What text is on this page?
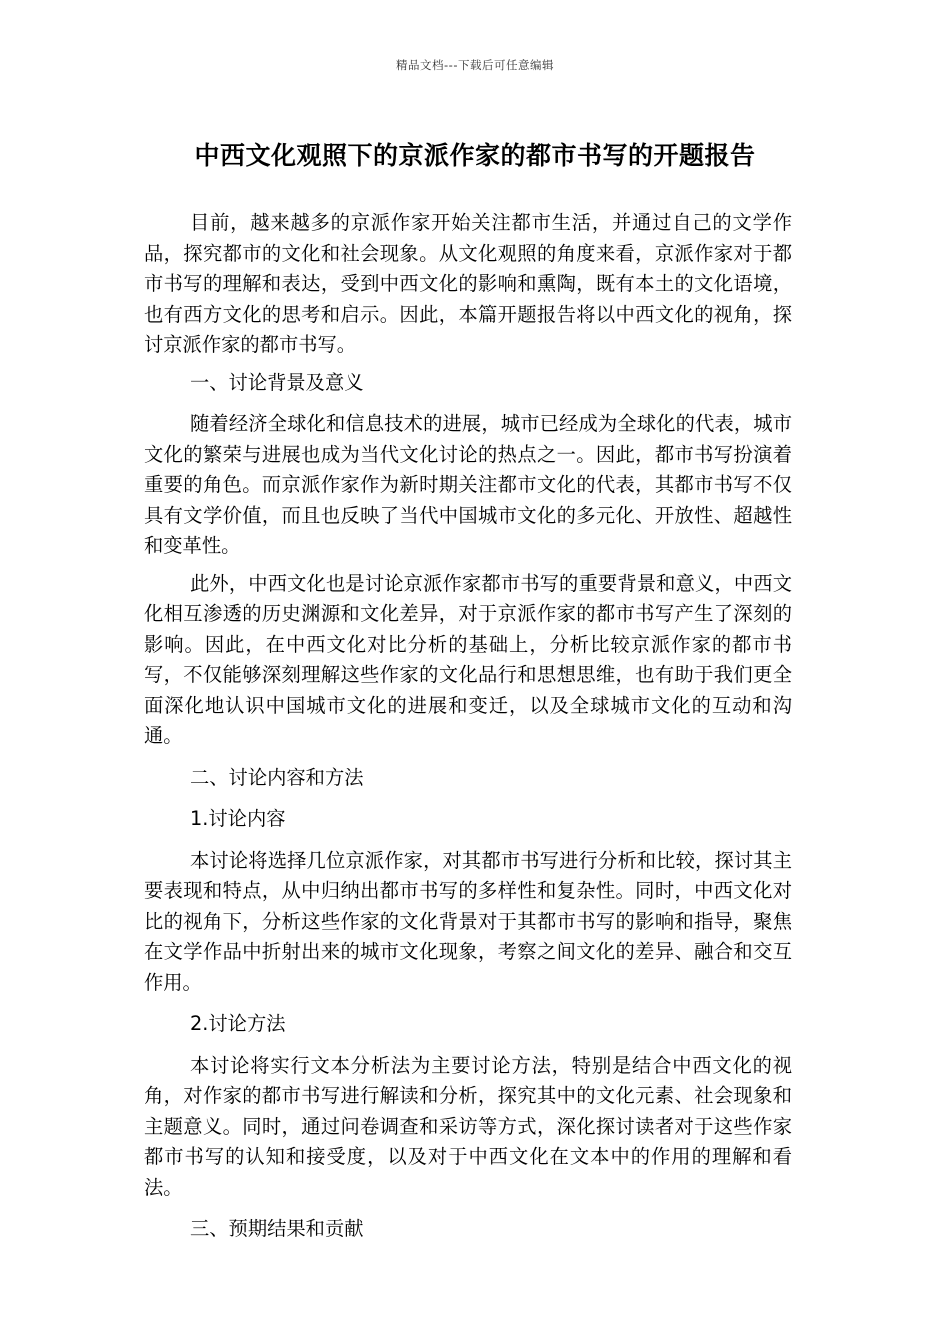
精品文档---下载后可任意编辑
中西文化观照下的京派作家的都市书写的开题报告

目前，越来越多的京派作家开始关注都市生活，并通过自己的文学作品，探究都市的文化和社会现象。从文化观照的角度来看，京派作家对于都市书写的理解和表达，受到中西文化的影响和熏陶，既有本土的文化语境，也有西方文化的思考和启示。因此，本篇开题报告将以中西文化的视角，探讨京派作家的都市书写。

一、讨论背景及意义

随着经济全球化和信息技术的进展，城市已经成为全球化的代表，城市文化的繁荣与进展也成为当代文化讨论的热点之一。因此，都市书写扮演着重要的角色。而京派作家作为新时期关注都市文化的代表，其都市书写不仅具有文学价值，而且也反映了当代中国城市文化的多元化、开放性、超越性和变革性。

此外，中西文化也是讨论京派作家都市书写的重要背景和意义，中西文化相互渗透的历史渊源和文化差异，对于京派作家的都市书写产生了深刻的影响。因此，在中西文化对比分析的基础上，分析比较京派作家的都市书写，不仅能够深刻理解这些作家的文化品行和思想思维，也有助于我们更全面深化地认识中国城市文化的进展和变迁，以及全球城市文化的互动和沟通。

二、讨论内容和方法

1.讨论内容

本讨论将选择几位京派作家，对其都市书写进行分析和比较，探讨其主要表现和特点，从中归纳出都市书写的多样性和复杂性。同时，中西文化对比的视角下，分析这些作家的文化背景对于其都市书写的影响和指导，聚焦在文学作品中折射出来的城市文化现象，考察之间文化的差异、融合和交互作用。

2.讨论方法

本讨论将实行文本分析法为主要讨论方法，特别是结合中西文化的视角，对作家的都市书写进行解读和分析，探究其中的文化元素、社会现象和主题意义。同时，通过问卷调查和采访等方式，深化探讨读者对于这些作家都市书写的认知和接受度，以及对于中西文化在文本中的作用的理解和看法。

三、预期结果和贡献
